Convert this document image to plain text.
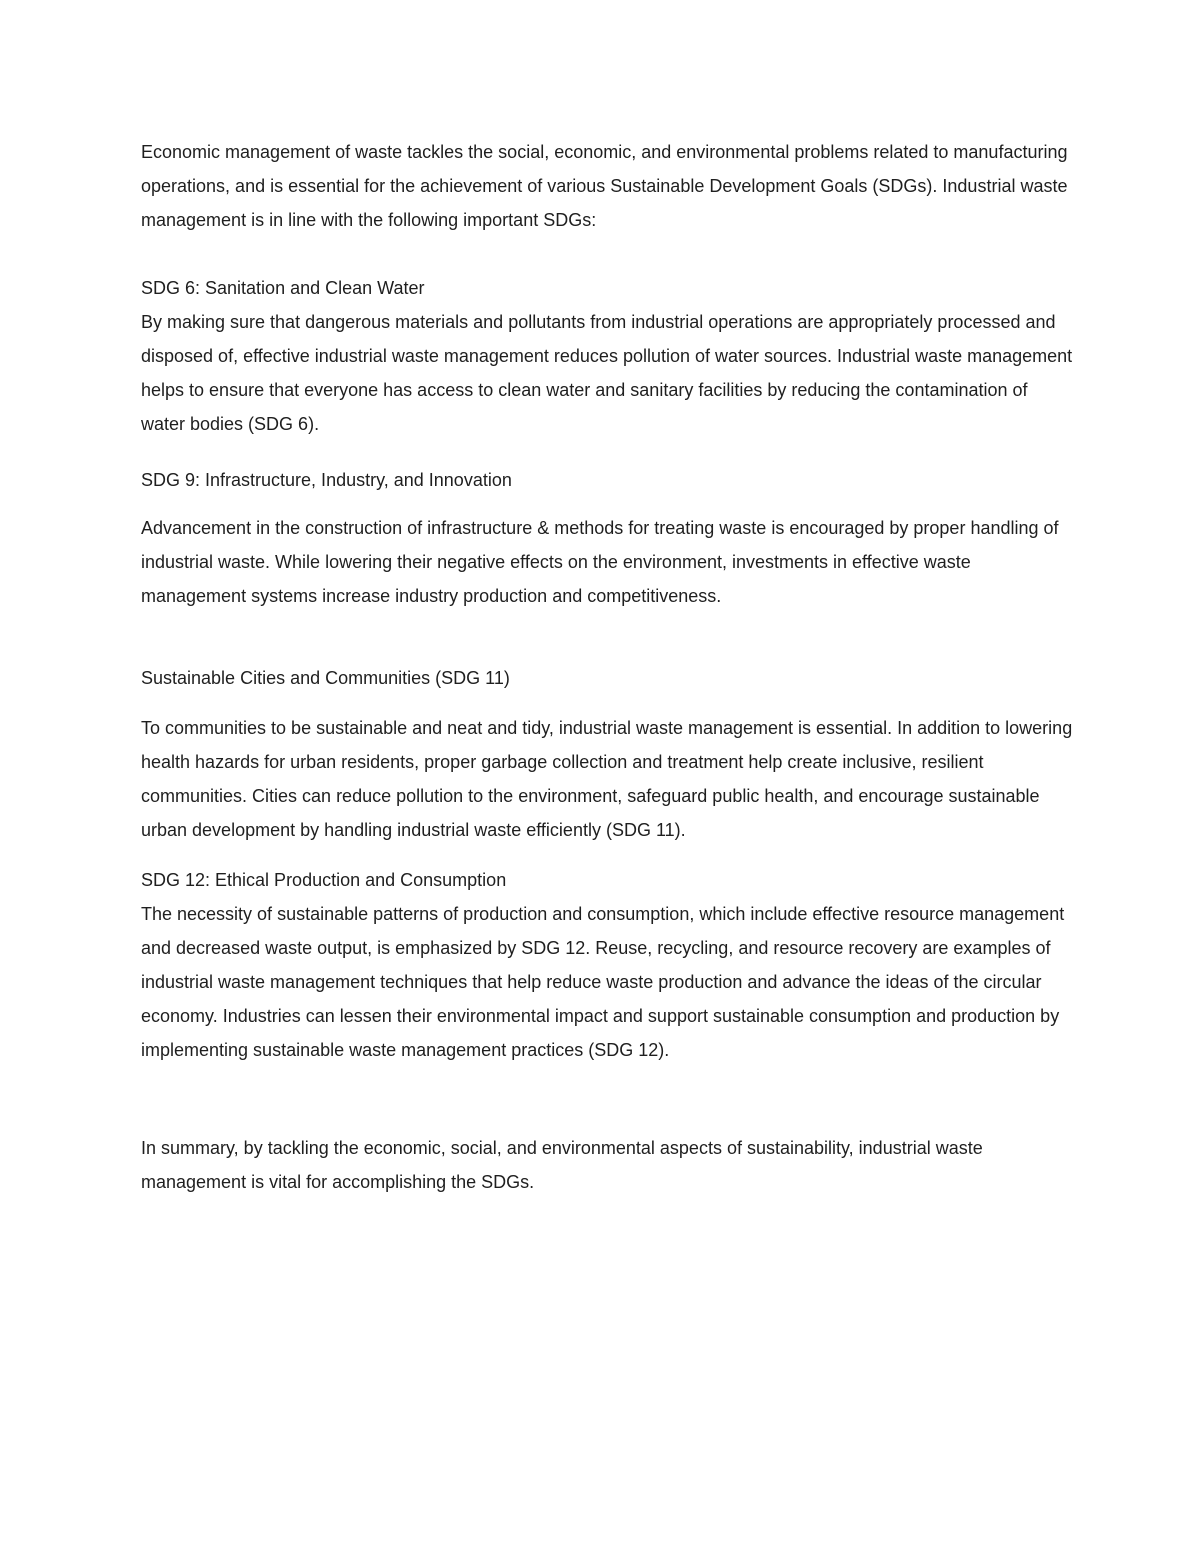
Economic management of waste tackles the social, economic, and environmental problems related to manufacturing operations, and is essential for the achievement of various Sustainable Development Goals (SDGs). Industrial waste management is in line with the following important SDGs:

SDG 6: Sanitation and Clean Water

By making sure that dangerous materials and pollutants from industrial operations are appropriately processed and disposed of, effective industrial waste management reduces pollution of water sources. Industrial waste management helps to ensure that everyone has access to clean water and sanitary facilities by reducing the contamination of water bodies (SDG 6).

SDG 9: Infrastructure, Industry, and Innovation

Advancement in the construction of infrastructure & methods for treating waste is encouraged by proper handling of industrial waste. While lowering their negative effects on the environment, investments in effective waste management systems increase industry production and competitiveness.

Sustainable Cities and Communities (SDG 11)

To communities to be sustainable and neat and tidy, industrial waste management is essential. In addition to lowering health hazards for urban residents, proper garbage collection and treatment help create inclusive, resilient communities. Cities can reduce pollution to the environment, safeguard public health, and encourage sustainable urban development by handling industrial waste efficiently (SDG 11).

SDG 12: Ethical Production and Consumption

The necessity of sustainable patterns of production and consumption, which include effective resource management and decreased waste output, is emphasized by SDG 12. Reuse, recycling, and resource recovery are examples of industrial waste management techniques that help reduce waste production and advance the ideas of the circular economy. Industries can lessen their environmental impact and support sustainable consumption and production by implementing sustainable waste management practices (SDG 12).

In summary, by tackling the economic, social, and environmental aspects of sustainability, industrial waste management is vital for accomplishing the SDGs.
